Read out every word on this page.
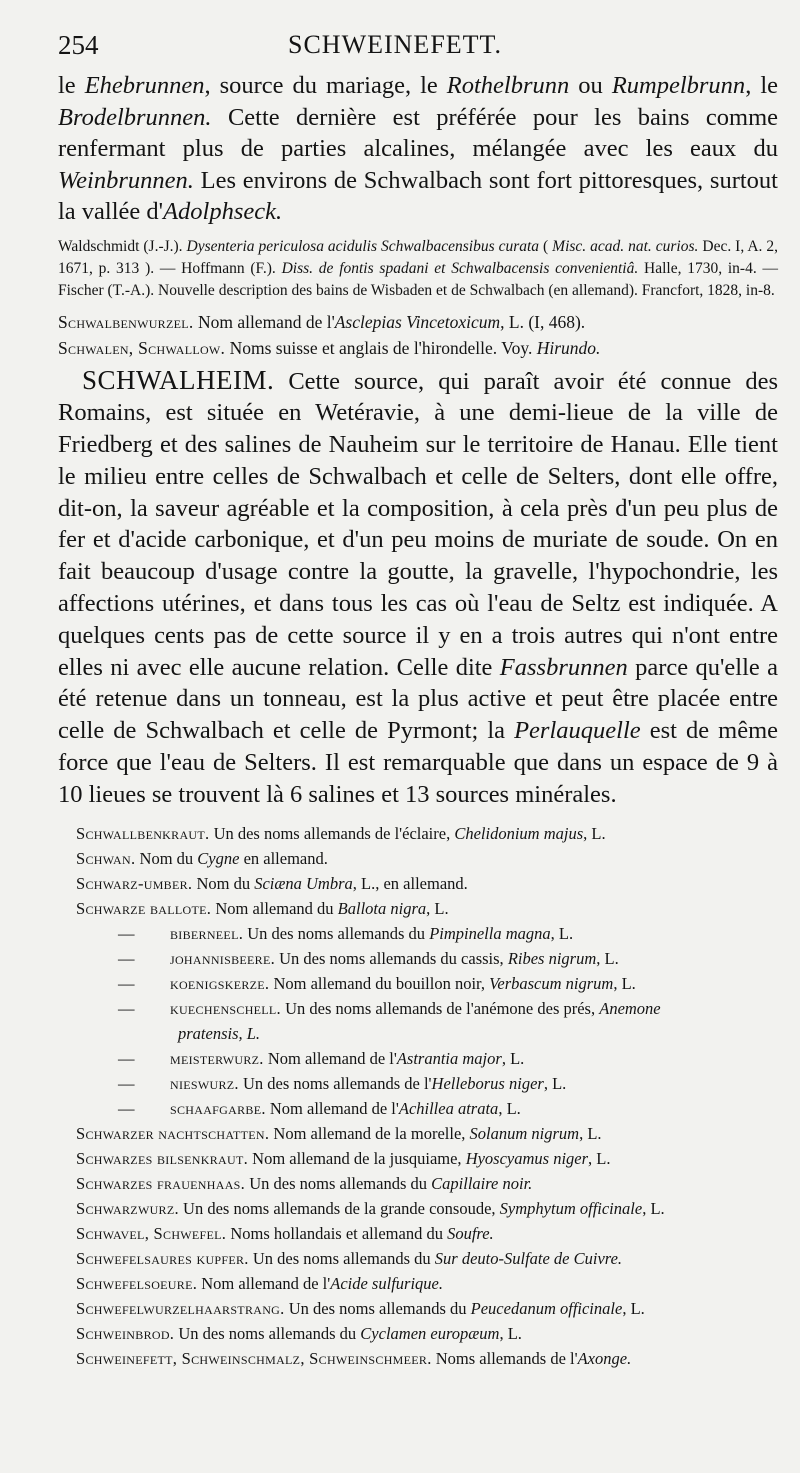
254	SCHWEINEFETT.

le Ehebrunnen, source du mariage, le Rothelbrunn ou Rumpelbrunn, le Brodelbrunnen. Cette dernière est préférée pour les bains comme renfermant plus de parties alcalines, mélangée avec les eaux du Weinbrunnen. Les environs de Schwalbach sont fort pittoresques, surtout la vallée d'Adolphseck.

Waldschmidt (J.-J.). Dysenteria periculosa acidulis Schwalbacensibus curata ( Misc. acad. nat. curios. Dec. I, A. 2, 1671, p. 313 ). — Hoffmann (F.). Diss. de fontis spadani et Schwalbacensis convenientiâ. Halle, 1730, in-4. — Fischer (T.-A.). Nouvelle description des bains de Wisbaden et de Schwalbach (en allemand). Francfort, 1828, in-8.

Schwalbenwurzel. Nom allemand de l'Asclepias Vincetoxicum, L. (I, 468).

Schwalen, Schwallow. Noms suisse et anglais de l'hirondelle. Voy. Hirundo.

SCHWALHEIM. Cette source, qui paraît avoir été connue des Romains, est située en Wetéravie, à une demi-lieue de la ville de Friedberg et des salines de Nauheim sur le territoire de Hanau. Elle tient le milieu entre celles de Schwalbach et celle de Selters, dont elle offre, dit-on, la saveur agréable et la composition, à cela près d'un peu plus de fer et d'acide carbonique, et d'un peu moins de muriate de soude. On en fait beaucoup d'usage contre la goutte, la gravelle, l'hypochondrie, les affections utérines, et dans tous les cas où l'eau de Seltz est indiquée. A quelques cents pas de cette source il y en a trois autres qui n'ont entre elles ni avec elle aucune relation. Celle dite Fassbrunnen parce qu'elle a été retenue dans un tonneau, est la plus active et peut être placée entre celle de Schwalbach et celle de Pyrmont; la Perlauquelle est de même force que l'eau de Selters. Il est remarquable que dans un espace de 9 à 10 lieues se trouvent là 6 salines et 13 sources minérales.

Schwallbenkraut. Un des noms allemands de l'éclaire, Chelidonium majus, L.

Schwan. Nom du Cygne en allemand.

Schwarz-umber. Nom du Sciæna Umbra, L., en allemand.

Schwarze ballote. Nom allemand du Ballota nigra, L.

—	biberneel. Un des noms allemands du Pimpinella magna, L.

—	johannisbeere. Un des noms allemands du cassis, Ribes nigrum, L.

—	koenigskerze. Nom allemand du bouillon noir, Verbascum nigrum, L.

—	kuechenschell. Un des noms allemands de l'anémone des prés, Anemone
pratensis, L.

—	meisterwurz. Nom allemand de l'Astrantia major, L.

—	nieswurz. Un des noms allemands de l'Helleborus niger, L.

—	schaafgarbe. Nom allemand de l'Achillea atrata, L.

Schwarzer nachtschatten. Nom allemand de la morelle, Solanum nigrum, L.

Schwarzes bilsenkraut. Nom allemand de la jusquiame, Hyoscyamus niger, L.

Schwarzes frauenhaas. Un des noms allemands du Capillaire noir.

Schwarzwurz. Un des noms allemands de la grande consoude, Symphytum officinale, L.

Schwavel, Schwefel. Noms hollandais et allemand du Soufre.

Schwefelsaures kupfer. Un des noms allemands du Sur deuto-Sulfate de Cuivre.

Schwefelsoeure. Nom allemand de l'Acide sulfurique.

Schwefelwurzelhaarstrang. Un des noms allemands du Peucedanum officinale, L.

Schweinbrod. Un des noms allemands du Cyclamen europæum, L.

Schweinefett, Schweinschmalz, Schweinschmeer. Noms allemands de l'Axonge.
